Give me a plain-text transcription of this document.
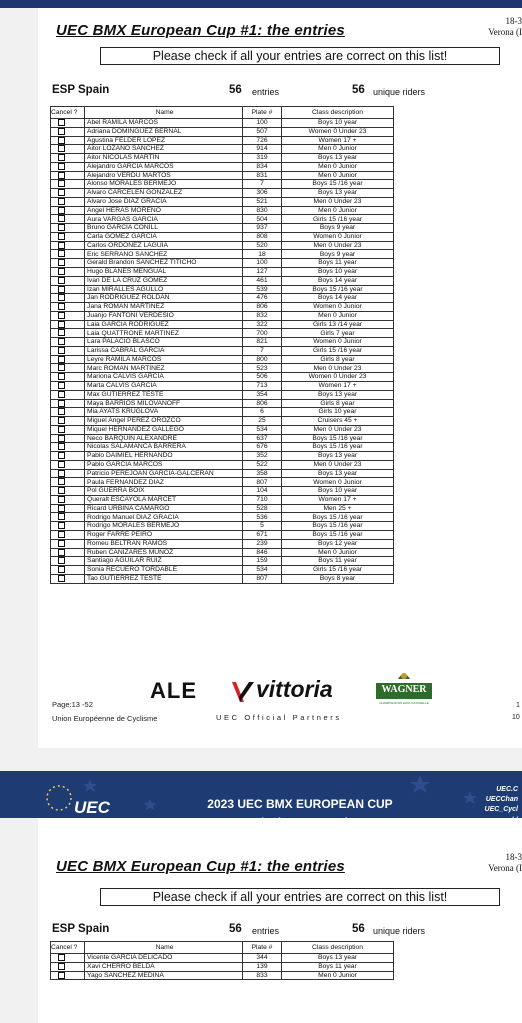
UEC BMX European Cup #1: the entries
18-3
Verona (I
Please check if all your entries are correct on this list!
ESP Spain	56 entries	56 unique riders
Cancel ?	Name	Plate #	Class description
	Abel RAMILA MARCOS	100	Boys 10 year
	Adriana DOMINGUEZ BERNAL	507	Women 0 Under 23
	Agustina FELDER LOPEZ	726	Women 17 +
	Aitor LOZANO SANCHEZ	914	Men 0 Junior
	Aitor NICOLAS MARTIN	319	Boys 13 year
	Alejandro GARCIA MARCOS	834	Men 0 Junior
	Alejandro VERDU MARTOS	831	Men 0 Junior
	Alonso MORALES BERMEJO	7	Boys 15 /16 year
	Alvaro CARCELEN GONZALEZ	306	Boys 13 year
	Alvaro Jose DIAZ GRACIA	521	Men 0 Under 23
	Angel HERAS MORENO	830	Men 0 Junior
	Aura VARGAS GARCIA	504	Girls 15 /16 year
	Bruno GARCIA CONILL	937	Boys 9 year
	Carla GOMEZ GARCIA	808	Women 0 Junior
	Carlos ORDOÑEZ LAGUIA	520	Men 0 Under 23
	Eric SERRANO SANCHEZ	18	Boys 9 year
	Gerald Brandon SANCHEZ TITICHO	100	Boys 11 year
	Hugo BLANES MENGUAL	127	Boys 10 year
	Ivan DE LA CRUZ GOMEZ	461	Boys 14 year
	Izan MIRALLES AGULLO	539	Boys 15 /16 year
	Jan RODRIGUEZ ROLDAN	476	Boys 14 year
	Jana ROMAN MARTINEZ	806	Women 0 Junior
	Juanjo FANTONI VERDESIO	832	Men 0 Junior
	Laia GARCIA RODRIGUEZ	322	Girls 13 /14 year
	Laia QUATTRONE MARTINEZ	700	Girls 7 year
	Lara PALACIO BLASCO	821	Women 0 Junior
	Larissa CABRAL GARCIA	7	Girls 15 /16 year
	Leyre RAMILA MARCOS	800	Girls 8 year
	Marc ROMAN MARTINEZ	523	Men 0 Under 23
	Mariona CALVIS GARCIA	506	Women 0 Under 23
	Marta CALVIS GARCIA	713	Women 17 +
	Max GUTIERREZ TESTE	354	Boys 13 year
	Maya BARRIOS MILOVANOFF	806	Girls 8 year
	Mia AYATS KRUGLOVA	6	Girls 10 year
	Miguel Angel PEREZ OROZCO	25	Cruisers 45 +
	Miquel HERNANDEZ GALLEGO	534	Men 0 Under 23
	Neco BARQUIN ALEXANDRE	637	Boys 15 /16 year
	Nicolas SALAMANCA BARRERA	676	Boys 15 /16 year
	Pablo DAIMIEL HERNANDO	352	Boys 13 year
	Pablo GARCIA MARCOS	522	Men 0 Under 23
	Patricio PEREJOAN GARCIA-GALCERAN	358	Boys 13 year
	Paula FERNANDEZ DIAZ	807	Women 0 Junior
	Pol GUERRA BOIX	104	Boys 10 year
	Queralt ESCAYOLA MARCET	710	Women 17 +
	Ricard URBINA CAMARGO	528	Men 25 +
	Rodrigo Manuel DIAZ GRACIA	536	Boys 15 /16 year
	Rodrigo MORALES BERMEJO	5	Boys 15 /16 year
	Roger FARRE PEIRO	671	Boys 15 /16 year
	Romeu BELTRAN RAMOS	239	Boys 12 year
	Ruben CAÑIZARES MUÑOZ	846	Men 0 Junior
	Santiago AGUILAR RUIZ	159	Boys 11 year
	Sonia RECUERO TORDABLE	534	Girls 15 /16 year
	Tao GUTIERREZ TESTE	807	Boys 8 year
Page:13 -52
Union Européenne de Cyclisme
ALE	vittoria	WAGNER
CHAMPIGNONS 100% NATURELLE
UEC Official Partners
1
10
UEC	2023 UEC BMX EUROPEAN CUP
UEC.C
UECChan
UEC_Cycl
UEC BMX European Cup #1: the entries
18-3
Verona (I
Please check if all your entries are correct on this list!
ESP Spain	56 entries	56 unique riders
Cancel ?	Name	Plate #	Class description
	Vicente GARCIA DELICADO	344	Boys 13 year
	Xavi CHERRO BELDA	139	Boys 11 year
	Yago SANCHEZ MEDINA	833	Men 0 Junior
